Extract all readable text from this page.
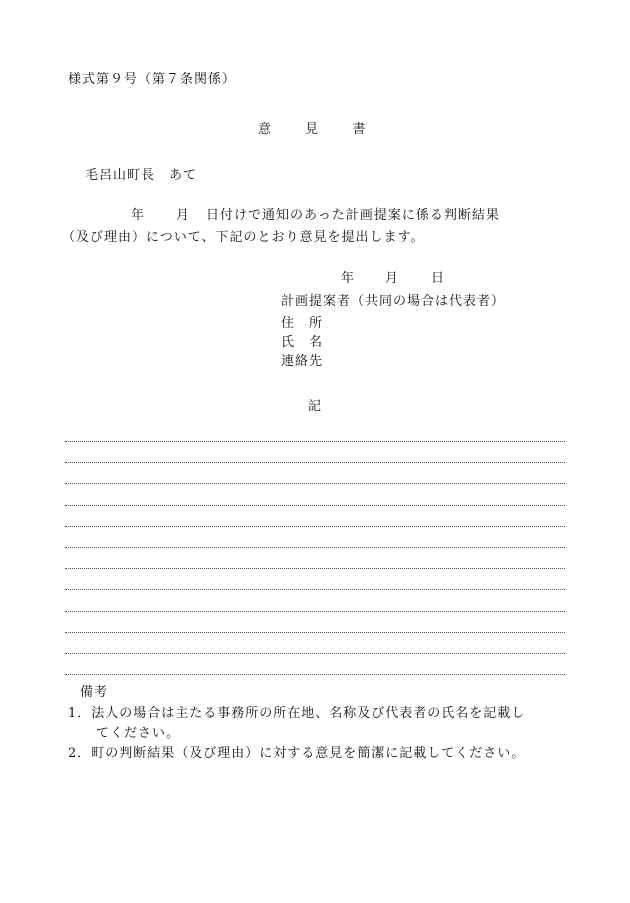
様式第９号（第７条関係）
意	見	書
毛呂山町長　あて
年 月 日付けで通知のあった計画提案に係る判断結果
（及び理由）について、下記のとおり意見を提出します。
年 月	日
計画提案者（共同の場合は代表者）
住　所
氏　名
連絡先
記
備考
1．法人の場合は主たる事務所の所在地、名称及び代表者の氏名を記載し
てください。
2．町の判断結果（及び理由）に対する意見を簡潔に記載してください。
